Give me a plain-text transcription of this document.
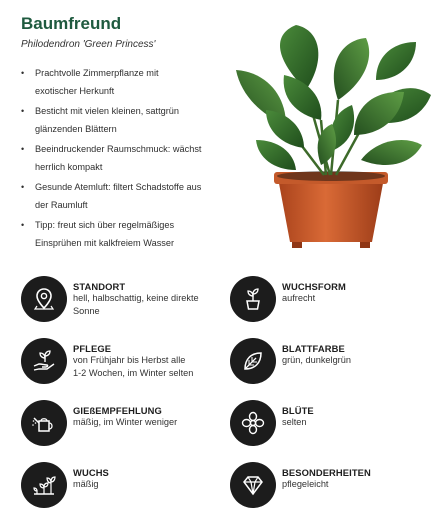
Baumfreund
Philodendron 'Green Princess'
• Prachtvolle Zimmerpflanze mit
exotischer Herkunft
• Besticht mit vielen kleinen, sattgrün
glänzenden Blättern
• Beeindruckender Raumschmuck: wächst
herrlich kompakt
• Gesunde Atemluft: filtert Schadstoffe aus
der Raumluft
• Tipp: freut sich über regelmäßiges
Einsprühen mit kalkfreiem Wasser
STANDORT
hell, halbschattig, keine direkte
Sonne
WUCHSFORM
aufrecht
PFLEGE
von Frühjahr bis Herbst alle
1-2 Wochen, im Winter selten
BLATTFARBE
grün, dunkelgrün
GIEßEMPFEHLUNG
mäßig, im Winter weniger
BLÜTE
selten
WUCHS
mäßig
BESONDERHEITEN
pflegeleicht
